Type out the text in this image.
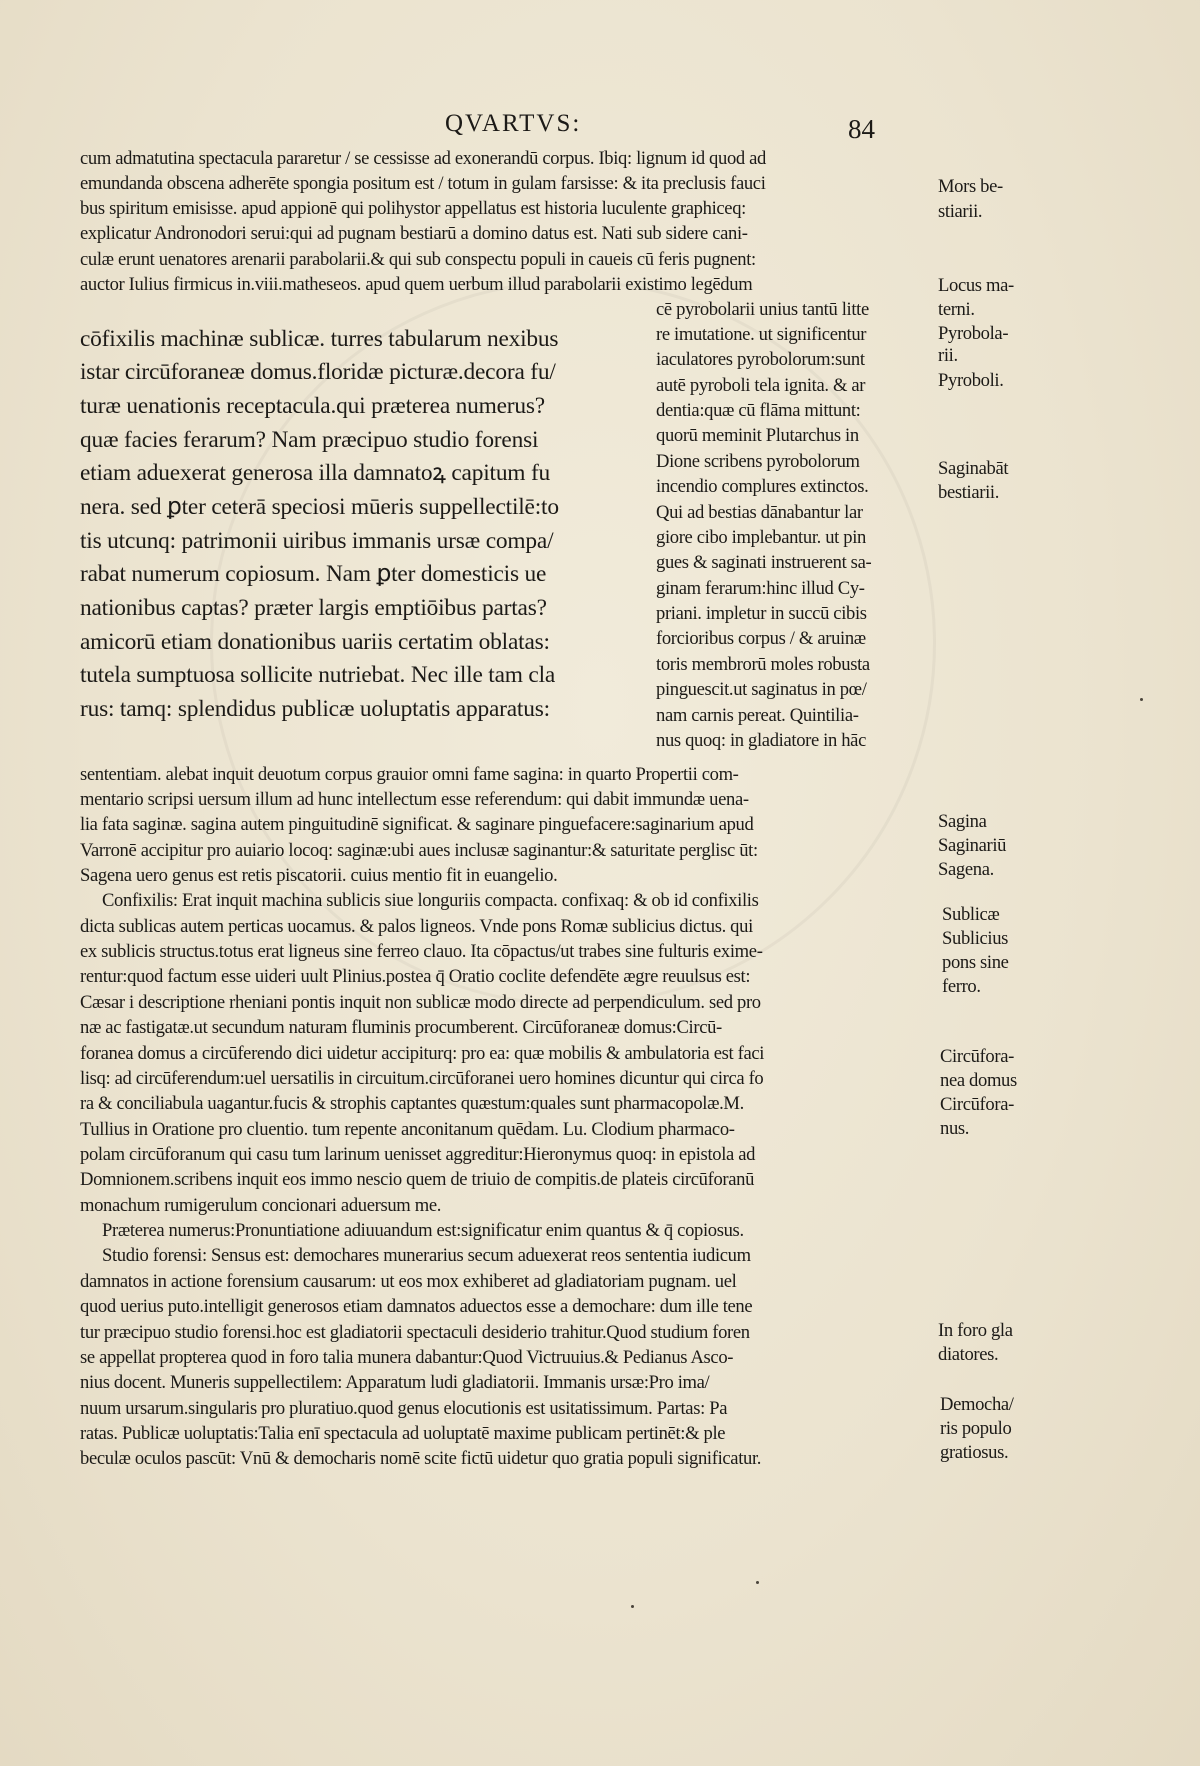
QVARTVS:	84

cum admatutina spectacula pararetur / se cessisse ad exonerandū corpus. Ibiq: lignum id quod ad

emundanda obscena adherēte spongia positum est / totum in gulam farsisse: & ita preclusis fauci

bus spiritum emisisse. apud appionē qui polihystor appellatus est historia luculente graphiceq:

explicatur Andronodori serui:qui ad pugnam bestiarū a domino datus est. Nati sub sidere cani-

culæ erunt uenatores arenarii parabolarii.& qui sub conspectu populi in caueis cū feris pugnent:

auctor Iulius firmicus in.viii.matheseos. apud quem uerbum illud parabolarii existimo legēdum

cōfixilis machinæ sublicæ. turres tabularum nexibus

istar circūforaneæ domus.floridæ picturæ.decora fu/

turæ uenationis receptacula.qui præterea numerus?

quæ facies ferarum? Nam præcipuo studio forensi

etiam aduexerat generosa illa damnatoꝝ capitum fu

nera. sed ꝑter ceterā speciosi mūeris suppellectilē:to

tis utcunq: patrimonii uiribus immanis ursæ compa/

rabat numerum copiosum. Nam ꝑter domesticis ue

nationibus captas? præter largis emptiōibus partas?

amicorū etiam donationibus uariis certatim oblatas:

tutela sumptuosa sollicite nutriebat. Nec ille tam cla

rus: tamq: splendidus publicæ uoluptatis apparatus:

cē pyrobolarii unius tantū litte

re imutatione. ut significentur

iaculatores pyrobolorum:sunt

autē pyroboli tela ignita. & ar

dentia:quæ cū flāma mittunt:

quorū meminit Plutarchus in

Dione scribens pyrobolorum

incendio complures extinctos.

Qui ad bestias dānabantur lar

giore cibo implebantur. ut pin

gues & saginati instruerent sa-

ginam ferarum:hinc illud Cy-

priani. impletur in succū cibis

forcioribus corpus / & aruinæ

toris membrorū moles robusta

pinguescit.ut saginatus in pœ/

nam carnis pereat. Quintilia-

nus quoq: in gladiatore in hāc

sententiam. alebat inquit deuotum corpus grauior omni fame sagina: in quarto Propertii com-

mentario scripsi uersum illum ad hunc intellectum esse referendum: qui dabit immundæ uena-

lia fata saginæ. sagina autem pinguitudinē significat. & saginare pinguefacere:saginarium apud

Varronē accipitur pro auiario locoq: saginæ:ubi aues inclusæ saginantur:& saturitate perglisc ūt:

Sagena uero genus est retis piscatorii. cuius mentio fit in euangelio.

Confixilis: Erat inquit machina sublicis siue longuriis compacta. confixaq: & ob id confixilis

dicta sublicas autem perticas uocamus. & palos ligneos. Vnde pons Romæ sublicius dictus. qui

ex sublicis structus.totus erat ligneus sine ferreo clauo. Ita cōpactus/ut trabes sine fulturis exime-

rentur:quod factum esse uideri uult Plinius.postea q̄ Oratio coclite defendēte ægre reuulsus est:

Cæsar i descriptione rheniani pontis inquit non sublicæ modo directe ad perpendiculum. sed pro

næ ac fastigatæ.ut secundum naturam fluminis procumberent. Circūforaneæ domus:Circū-

foranea domus a circūferendo dici uidetur accipiturq: pro ea: quæ mobilis & ambulatoria est faci

lisq: ad circūferendum:uel uersatilis in circuitum.circūforanei uero homines dicuntur qui circa fo

ra & conciliabula uagantur.fucis & strophis captantes quæstum:quales sunt pharmacopolæ.M.

Tullius in Oratione pro cluentio. tum repente anconitanum quēdam. Lu. Clodium pharmaco-

polam circūforanum qui casu tum larinum uenisset aggreditur:Hieronymus quoq: in epistola ad

Domnionem.scribens inquit eos immo nescio quem de triuio de compitis.de plateis circūforanū

monachum rumigerulum concionari aduersum me.

Præterea numerus:Pronuntiatione adiuuandum est:significatur enim quantus & q̄ copiosus.

Studio forensi: Sensus est: demochares munerarius secum aduexerat reos sententia iudicum

damnatos in actione forensium causarum: ut eos mox exhiberet ad gladiatoriam pugnam. uel

quod uerius puto.intelligit generosos etiam damnatos aduectos esse a demochare: dum ille tene

tur præcipuo studio forensi.hoc est gladiatorii spectaculi desiderio trahitur.Quod studium foren

se appellat propterea quod in foro talia munera dabantur:Quod Victruuius.& Pedianus Asco-

nius docent. Muneris suppellectilem: Apparatum ludi gladiatorii. Immanis ursæ:Pro ima/

nuum ursarum.singularis pro pluratiuo.quod genus elocutionis est usitatissimum. Partas: Pa

ratas. Publicæ uoluptatis:Talia enī spectacula ad uoluptatē maxime publicam pertinēt:& ple

beculæ oculos pascūt: Vnū & democharis nomē scite fictū uidetur quo gratia populi significatur.

Mors be-

stiarii.

Locus ma-

terni.

Pyrobola-

rii.

Pyroboli.

Saginabāt

bestiarii.

Sagina

Saginariū

Sagena.

Sublicæ

Sublicius

pons sine

ferro.

Circūfora-

nea domus

Circūfora-

nus.

In foro gla

diatores.

Democha/

ris populo

gratiosus.
